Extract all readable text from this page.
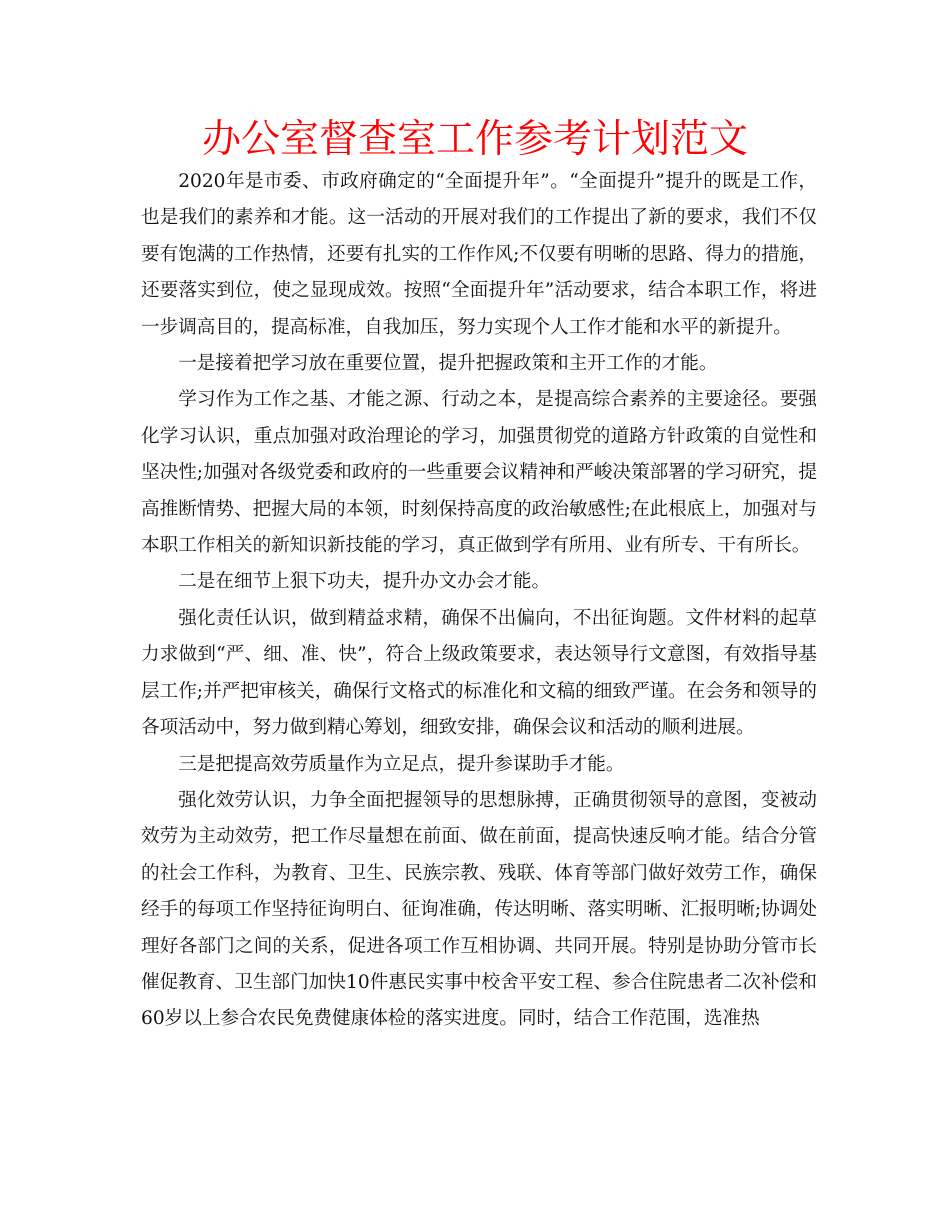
办公室督查室工作参考计划范文

2020年是市委、市政府确定的“全面提升年”。“全面提升”提升的既是工作，也是我们的素养和才能。这一活动的开展对我们的工作提出了新的要求，我们不仅要有饱满的工作热情，还要有扎实的工作作风;不仅要有明晰的思路、得力的措施，还要落实到位，使之显现成效。按照“全面提升年”活动要求，结合本职工作，将进一步调高目的，提高标准，自我加压，努力实现个人工作才能和水平的新提升。

一是接着把学习放在重要位置，提升把握政策和主开工作的才能。

学习作为工作之基、才能之源、行动之本，是提高综合素养的主要途径。要强化学习认识，重点加强对政治理论的学习，加强贯彻党的道路方针政策的自觉性和坚决性;加强对各级党委和政府的一些重要会议精神和严峻决策部署的学习研究，提高推断情势、把握大局的本领，时刻保持高度的政治敏感性;在此根底上，加强对与本职工作相关的新知识新技能的学习，真正做到学有所用、业有所专、干有所长。

二是在细节上狠下功夫，提升办文办会才能。

强化责任认识，做到精益求精，确保不出偏向，不出征询题。文件材料的起草力求做到“严、细、准、快”，符合上级政策要求，表达领导行文意图，有效指导基层工作;并严把审核关，确保行文格式的标准化和文稿的细致严谨。在会务和领导的各项活动中，努力做到精心筹划，细致安排，确保会议和活动的顺利进展。

三是把提高效劳质量作为立足点，提升参谋助手才能。

强化效劳认识，力争全面把握领导的思想脉搏，正确贯彻领导的意图，变被动效劳为主动效劳，把工作尽量想在前面、做在前面，提高快速反响才能。结合分管的社会工作科，为教育、卫生、民族宗教、残联、体育等部门做好效劳工作，确保经手的每项工作坚持征询明白、征询准确，传达明晰、落实明晰、汇报明晰;协调处理好各部门之间的关系，促进各项工作互相协调、共同开展。特别是协助分管市长催促教育、卫生部门加快10件惠民实事中校舍平安工程、参合住院患者二次补偿和60岁以上参合农民免费健康体检的落实进度。同时，结合工作范围，选准热
